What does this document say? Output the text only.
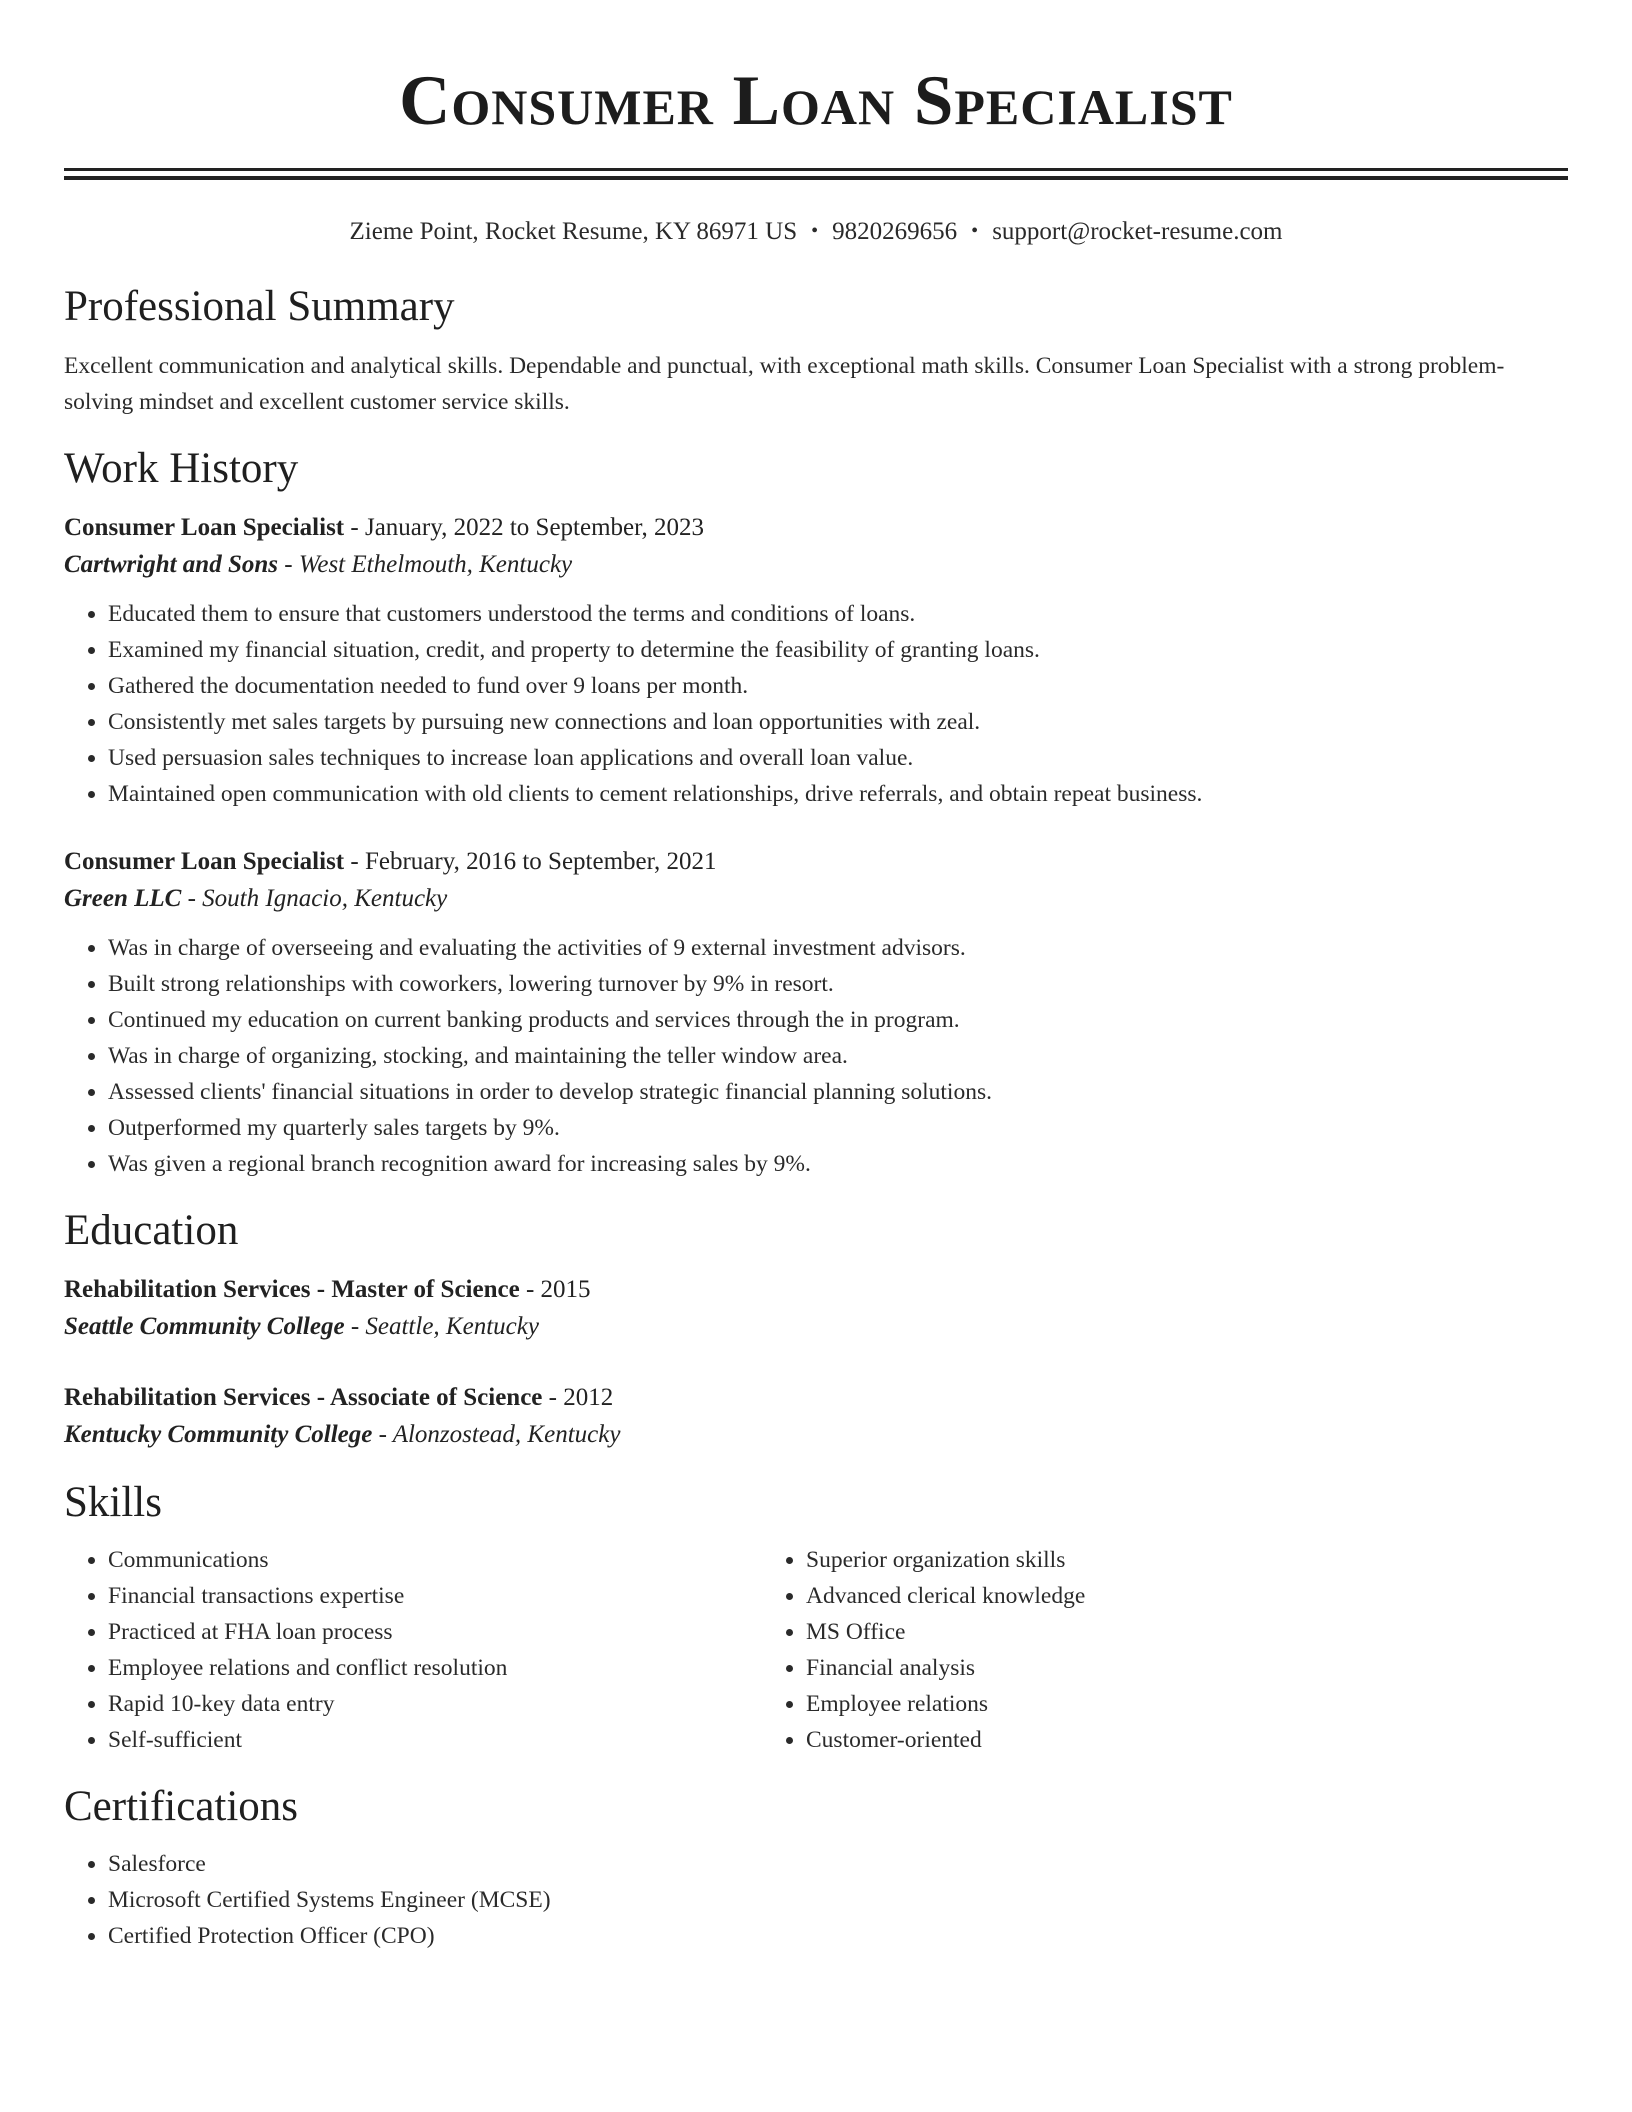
Consumer Loan Specialist
Zieme Point, Rocket Resume, KY 86971 US • 9820269656 • support@rocket-resume.com
Professional Summary

Excellent communication and analytical skills. Dependable and punctual, with exceptional math skills. Consumer Loan Specialist with a strong problem-solving mindset and excellent customer service skills.

Work History

Consumer Loan Specialist - January, 2022 to September, 2023

Cartwright and Sons - West Ethelmouth, Kentucky

• Educated them to ensure that customers understood the terms and conditions of loans.
• Examined my financial situation, credit, and property to determine the feasibility of granting loans.
• Gathered the documentation needed to fund over 9 loans per month.
• Consistently met sales targets by pursuing new connections and loan opportunities with zeal.
• Used persuasion sales techniques to increase loan applications and overall loan value.
• Maintained open communication with old clients to cement relationships, drive referrals, and obtain repeat business.

Consumer Loan Specialist - February, 2016 to September, 2021

Green LLC - South Ignacio, Kentucky

• Was in charge of overseeing and evaluating the activities of 9 external investment advisors.
• Built strong relationships with coworkers, lowering turnover by 9% in resort.
• Continued my education on current banking products and services through the in program.
• Was in charge of organizing, stocking, and maintaining the teller window area.
• Assessed clients' financial situations in order to develop strategic financial planning solutions.
• Outperformed my quarterly sales targets by 9%.
• Was given a regional branch recognition award for increasing sales by 9%.
Education

Rehabilitation Services - Master of Science - 2015

Seattle Community College - Seattle, Kentucky

Rehabilitation Services - Associate of Science - 2012

Kentucky Community College - Alonzostead, Kentucky

Skills
• Communications
• Financial transactions expertise
• Practiced at FHA loan process
• Employee relations and conflict resolution
• Rapid 10-key data entry
• Self-sufficient
• Superior organization skills
• Advanced clerical knowledge
• MS Office
• Financial analysis
• Employee relations
• Customer-oriented
Certifications
• Salesforce
• Microsoft Certified Systems Engineer (MCSE)
• Certified Protection Officer (CPO)
